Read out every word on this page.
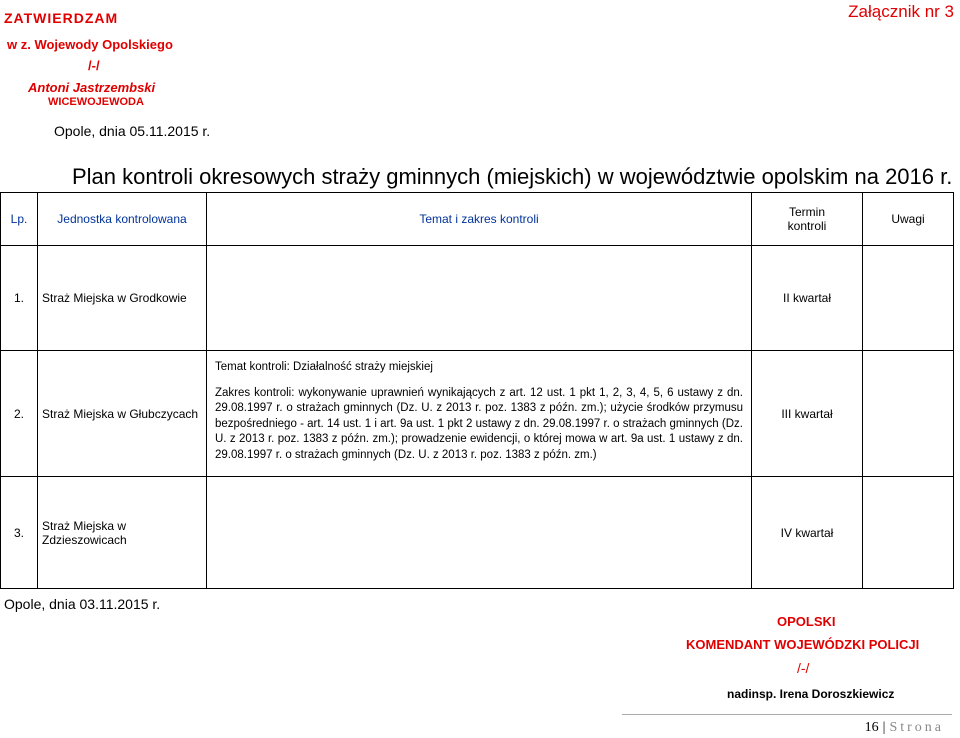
ZATWIERDZAM
w z. Wojewody Opolskiego
/-/
Antoni Jastrzembski
WICEWOJEWODA
Załącznik nr 3
Opole, dnia 05.11.2015 r.
Plan kontroli okresowych straży gminnych (miejskich) w województwie opolskim na 2016 r.
Lp.	Jednostka kontrolowana	Temat i zakres kontroli	Termin kontroli	Uwagi
1.	Straż Miejska w Grodkowie		II kwartał	
2.	Straż Miejska w Głubczycach	Temat kontroli: Działalność straży miejskiej

Zakres kontroli: wykonywanie uprawnień wynikających z art. 12 ust. 1 pkt 1, 2, 3, 4, 5, 6 ustawy z dn. 29.08.1997 r. o strażach gminnych (Dz. U. z 2013 r. poz. 1383 z późn. zm.); użycie środków przymusu bezpośredniego - art. 14 ust. 1 i art. 9a ust. 1 pkt 2 ustawy z dn. 29.08.1997 r. o strażach gminnych (Dz. U. z 2013 r. poz. 1383 z późn. zm.); prowadzenie ewidencji, o której mowa w art. 9a ust. 1 ustawy z dn. 29.08.1997 r. o strażach gminnych (Dz. U. z 2013 r. poz. 1383 z późn. zm.)	III kwartał	
3.	Straż Miejska w Zdzieszowicach		IV kwartał	
Opole, dnia 03.11.2015 r.
OPOLSKI
KOMENDANT WOJEWÓDZKI POLICJI
/-/
nadinsp. Irena Doroszkiewicz
16 | Strona
